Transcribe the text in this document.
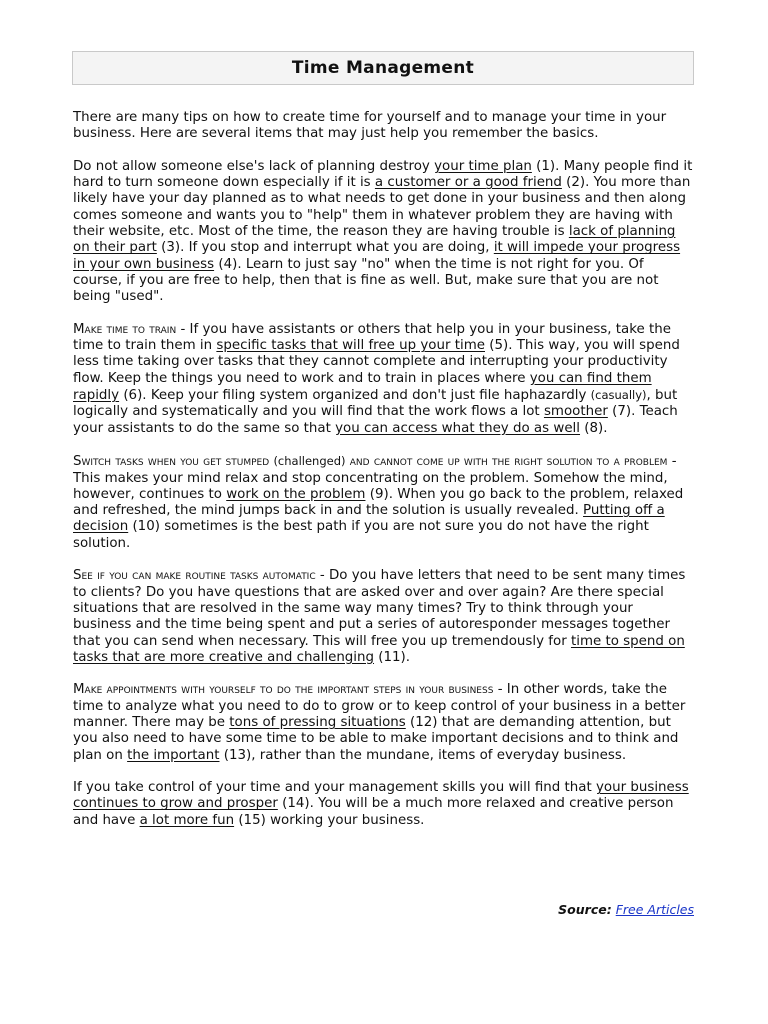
Time Management

There are many tips on how to create time for yourself and to manage your time in your business. Here are several items that may just help you remember the basics.

Do not allow someone else's lack of planning destroy your time plan (1). Many people find it hard to turn someone down especially if it is a customer or a good friend (2). You more than likely have your day planned as to what needs to get done in your business and then along comes someone and wants you to "help" them in whatever problem they are having with their website, etc. Most of the time, the reason they are having trouble is lack of planning on their part (3). If you stop and interrupt what you are doing, it will impede your progress in your own business (4). Learn to just say "no" when the time is not right for you. Of course, if you are free to help, then that is fine as well. But, make sure that you are not being "used".

Make time to train - If you have assistants or others that help you in your business, take the time to train them in specific tasks that will free up your time (5). This way, you will spend less time taking over tasks that they cannot complete and interrupting your productivity flow. Keep the things you need to work and to train in places where you can find them rapidly (6). Keep your filing system organized and don't just file haphazardly (casually), but logically and systematically and you will find that the work flows a lot smoother (7). Teach your assistants to do the same so that you can access what they do as well (8).

Switch tasks when you get stumped (challenged) and cannot come up with the right solution to a problem - This makes your mind relax and stop concentrating on the problem. Somehow the mind, however, continues to work on the problem (9). When you go back to the problem, relaxed and refreshed, the mind jumps back in and the solution is usually revealed. Putting off a decision (10) sometimes is the best path if you are not sure you do not have the right solution.

See if you can make routine tasks automatic - Do you have letters that need to be sent many times to clients? Do you have questions that are asked over and over again? Are there special situations that are resolved in the same way many times? Try to think through your business and the time being spent and put a series of autoresponder messages together that you can send when necessary. This will free you up tremendously for time to spend on tasks that are more creative and challenging (11).

Make appointments with yourself to do the important steps in your business - In other words, take the time to analyze what you need to do to grow or to keep control of your business in a better manner. There may be tons of pressing situations (12) that are demanding attention, but you also need to have some time to be able to make important decisions and to think and plan on the important (13), rather than the mundane, items of everyday business.

If you take control of your time and your management skills you will find that your business continues to grow and prosper (14). You will be a much more relaxed and creative person and have a lot more fun (15) working your business.

Source: Free Articles
